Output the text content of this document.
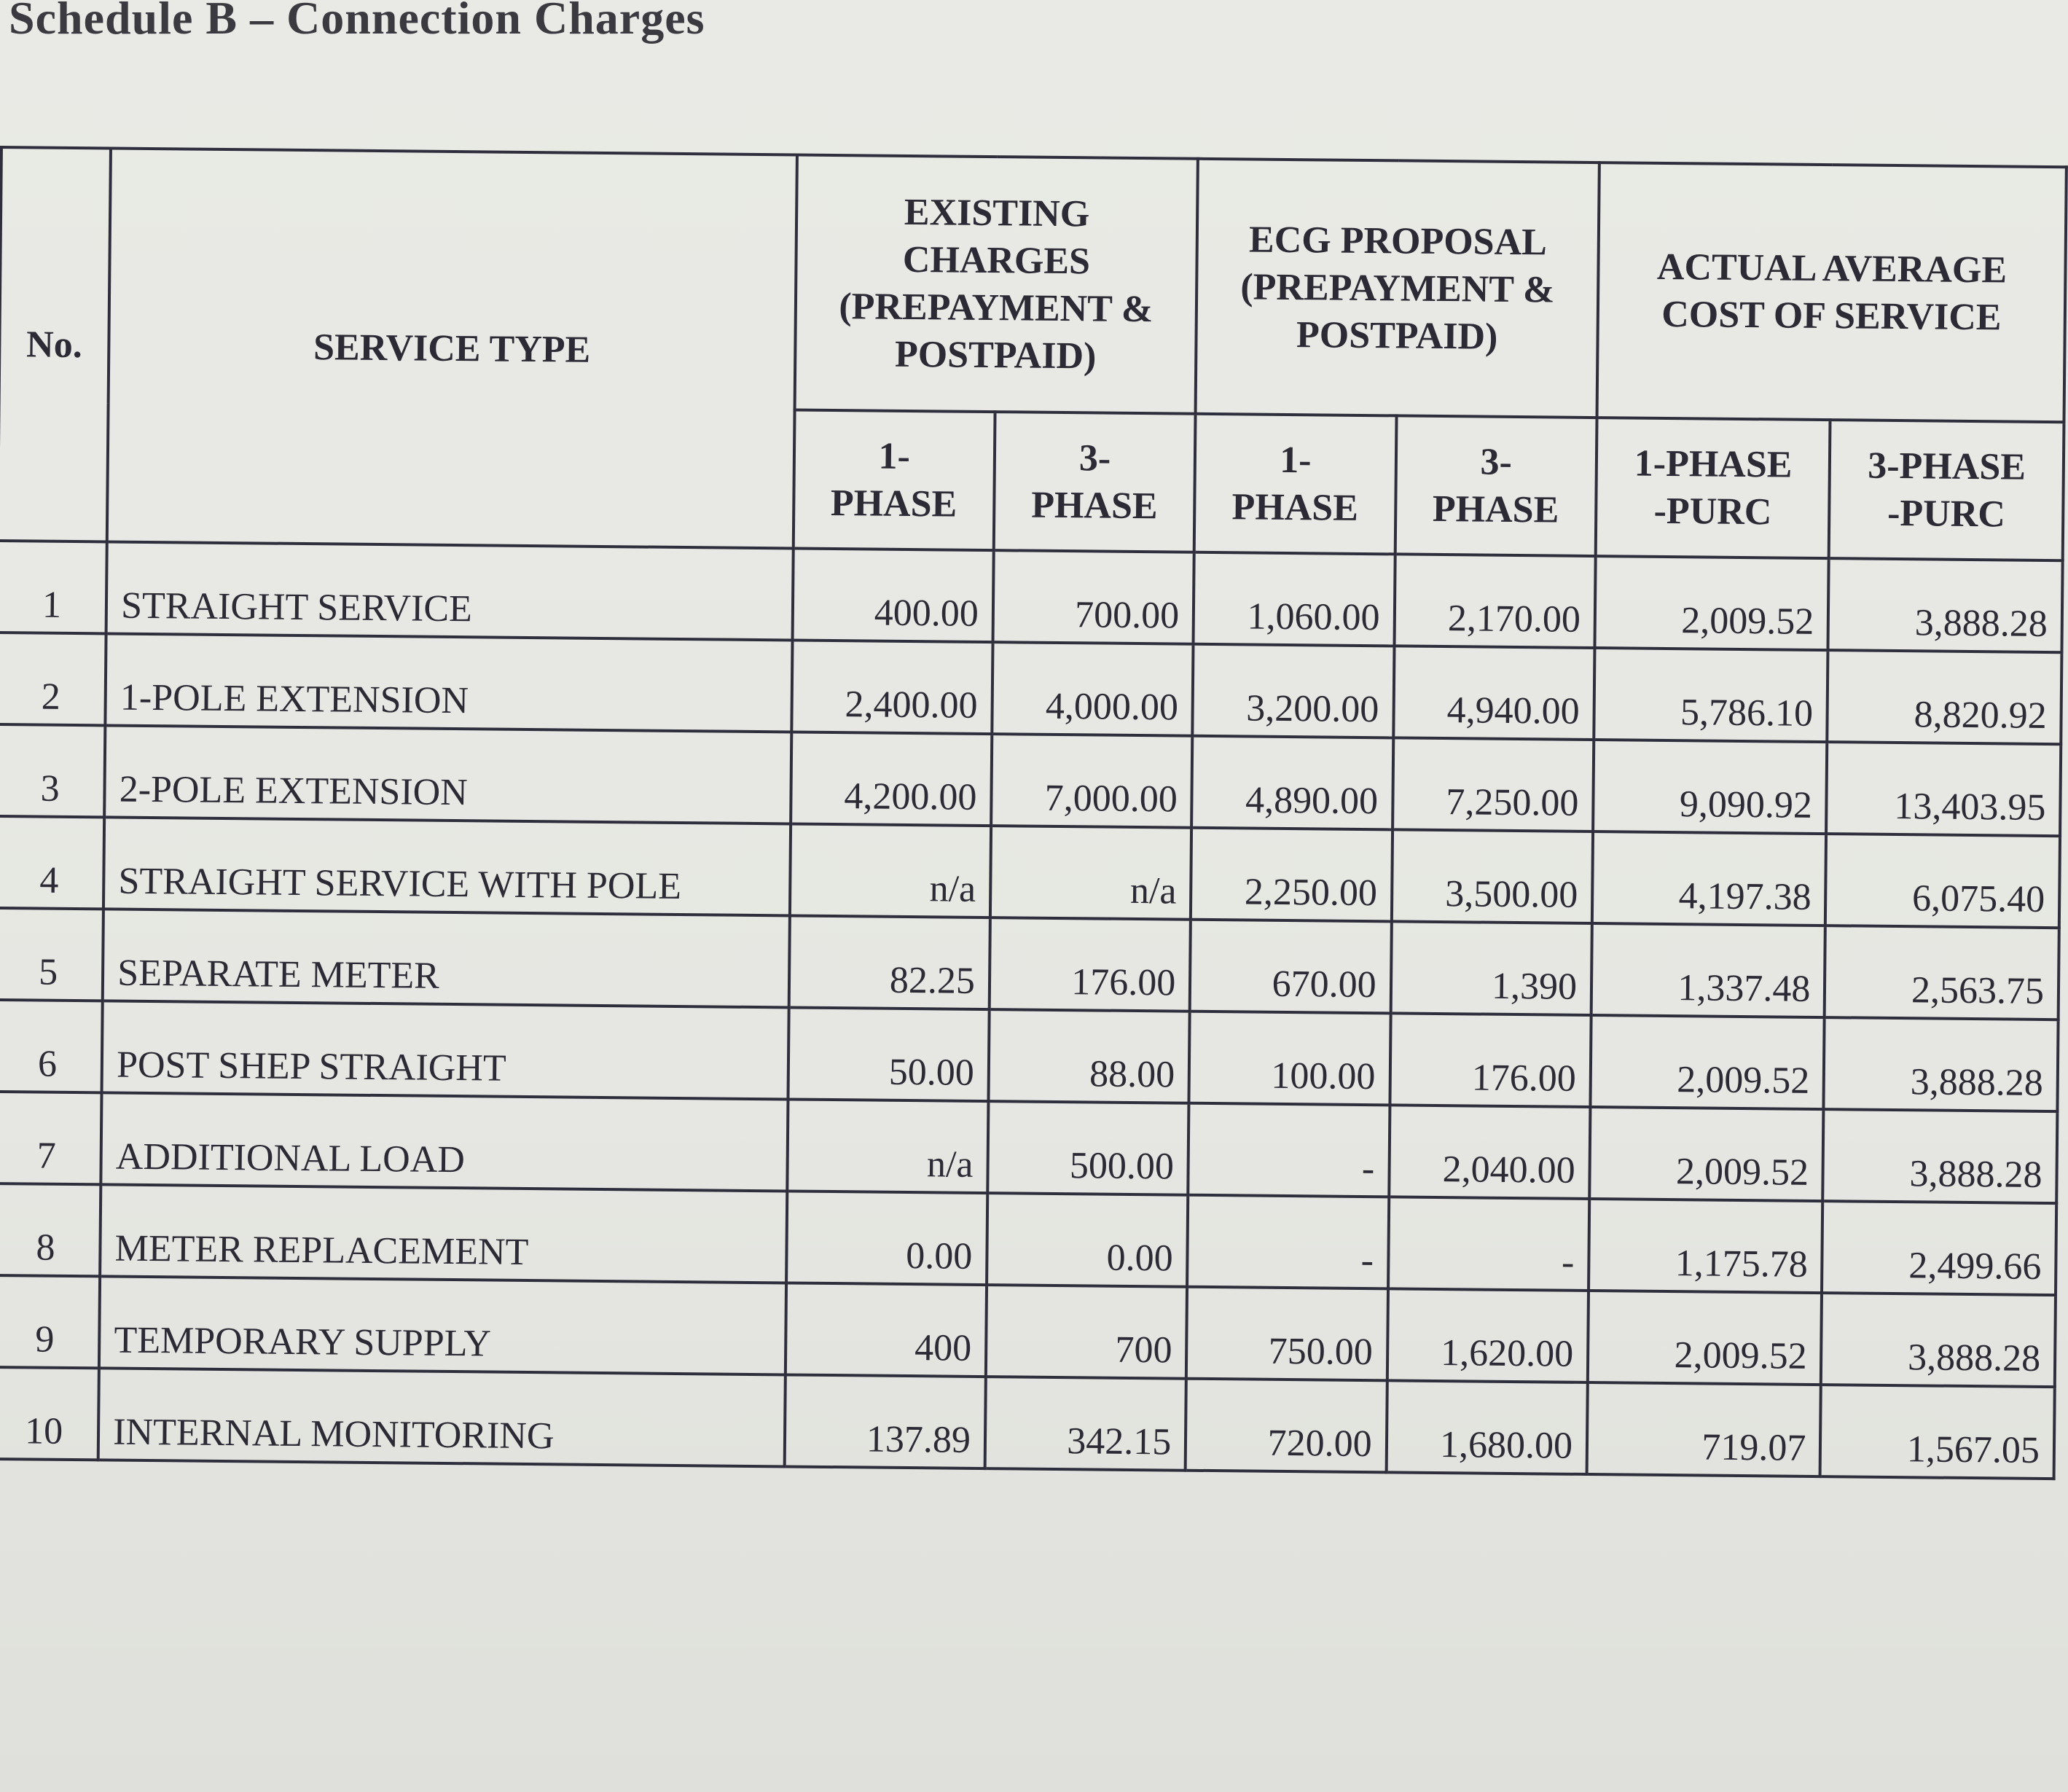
Schedule B – Connection Charges
No.	SERVICE TYPE	EXISTING
CHARGES
(PREPAYMENT &
POSTPAID)		ECG PROPOSAL
(PREPAYMENT &
POSTPAID)		ACTUAL AVERAGE
COST OF SERVICE	

		1-
PHASE	3-
PHASE	1-
PHASE	3-
PHASE	1-PHASE
-PURC	3-PHASE
-PURC

1	STRAIGHT SERVICE	400.00	700.00	1,060.00	2,170.00	2,009.52	3,888.28
2	1-POLE EXTENSION	2,400.00	4,000.00	3,200.00	4,940.00	5,786.10	8,820.92
3	2-POLE EXTENSION	4,200.00	7,000.00	4,890.00	7,250.00	9,090.92	13,403.95
4	STRAIGHT SERVICE WITH POLE	n/a	n/a	2,250.00	3,500.00	4,197.38	6,075.40
5	SEPARATE METER	82.25	176.00	670.00	1,390	1,337.48	2,563.75
6	POST SHEP STRAIGHT	50.00	88.00	100.00	176.00	2,009.52	3,888.28
7	ADDITIONAL LOAD	n/a	500.00	-	2,040.00	2,009.52	3,888.28
8	METER REPLACEMENT	0.00	0.00	-	-	1,175.78	2,499.66
9	TEMPORARY SUPPLY	400	700	750.00	1,620.00	2,009.52	3,888.28
10	INTERNAL MONITORING	137.89	342.15	720.00	1,680.00	719.07	1,567.05
